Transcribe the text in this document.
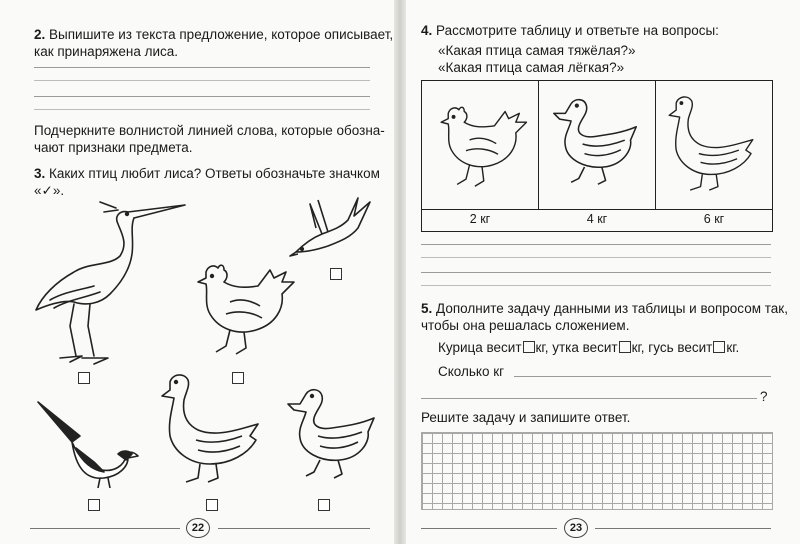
2. Выпишите из текста предложение, которое описывает,
как принаряжена лиса.
Подчеркните волнистой линией слова, которые обозна-
чают признаки предмета.
3. Каких птиц любит лиса? Ответы обозначьте значком
«✓».
22
4. Рассмотрите таблицу и ответьте на вопросы:
«Какая птица самая тяжёлая?»
«Какая птица самая лёгкая?»
2 кг	4 кг	6 кг
5. Дополните задачу данными из таблицы и вопросом так,
чтобы она решалась сложением.
Курица весит кг, утка весит кг, гусь весит кг.
Сколько кг
?
Решите задачу и запишите ответ.
23
